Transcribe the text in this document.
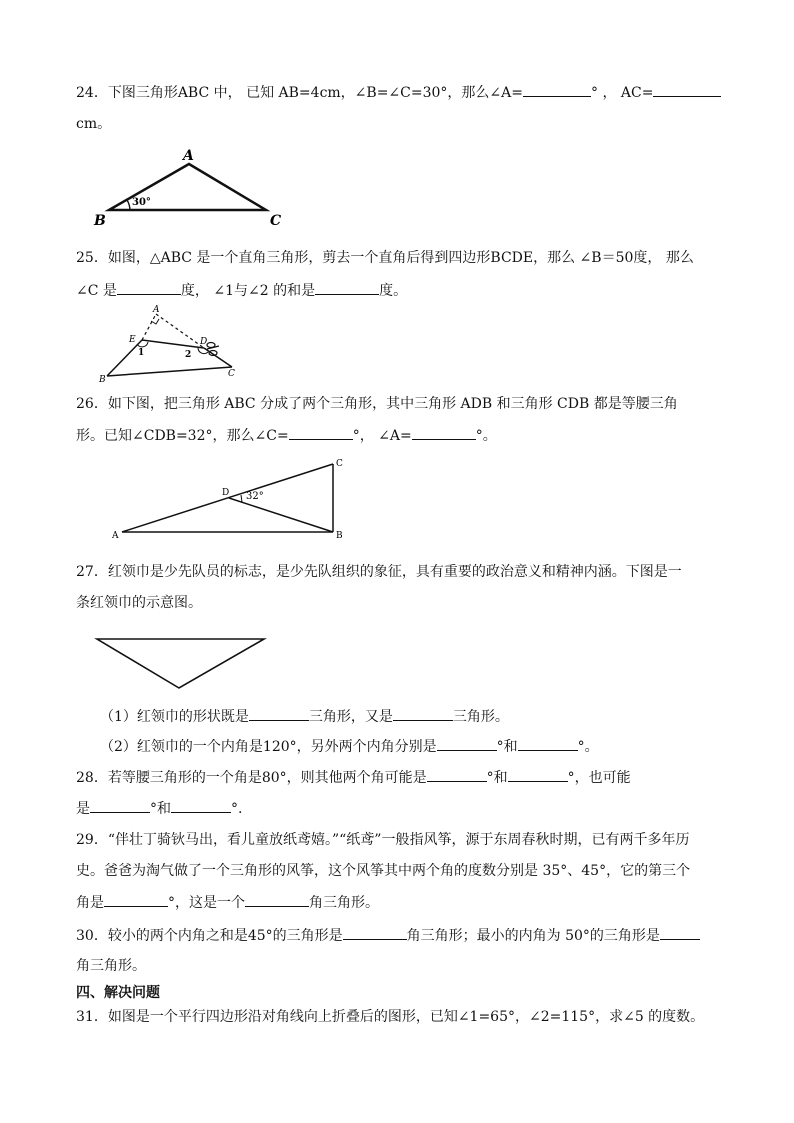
24．下图三角形ABC 中， 已知 AB=4cm，∠B=∠C=30°，那么∠A=	° ， AC=
cm。
30°
A
B	C
25．如图，△ABC 是一个直角三角形，剪去一个直角后得到四边形BCDE，那么 ∠B＝50度， 那么
∠C 是	度， ∠1与∠2 的和是	度。
A
B
C
D
E
1	2
26．如下图，把三角形 ABC 分成了两个三角形，其中三角形 ADB 和三角形 CDB 都是等腰三角
形。已知∠CDB=32°，那么∠C=	°， ∠A=	°。
32°
A	B
C
D
27．红领巾是少先队员的标志，是少先队组织的象征，具有重要的政治意义和精神内涵。下图是一
条红领巾的示意图。
（1）红领巾的形状既是	三角形，又是	三角形。
（2）红领巾的一个内角是120°，另外两个内角分别是	°和	°。
28．若等腰三角形的一个角是80°，则其他两个角可能是	°和	°，也可能
是	°和	°.
29．“伴壮丁骑钬马出，看儿童放纸鸢嬉。”“纸鸢”一般指风筝，源于东周春秋时期，已有两千多年历
史。爸爸为淘气做了一个三角形的风筝，这个风筝其中两个角的度数分别是 35°、45°，它的第三个
角是	°，这是一个	角三角形。
30．较小的两个内角之和是45°的三角形是	角三角形；最小的内角为 50°的三角形是
角三角形。
四、解决问题
31．如图是一个平行四边形沿对角线向上折叠后的图形，已知∠1=65°，∠2=115°，求∠5 的度数。
